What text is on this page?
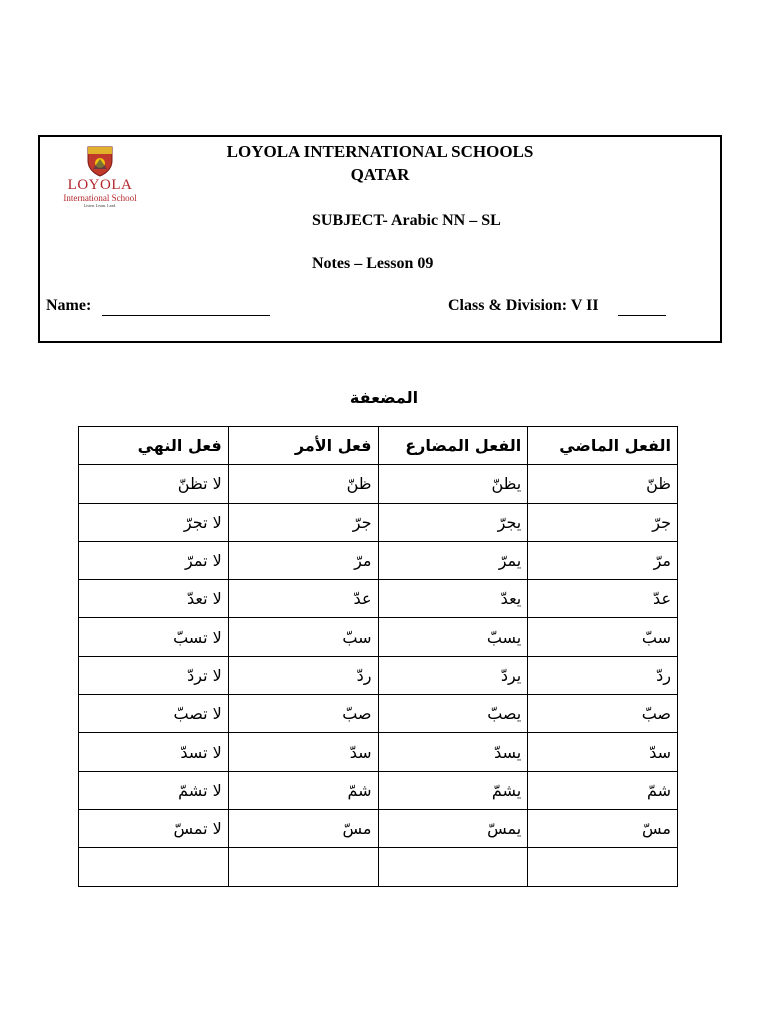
LOYOLA
International School
Listen. Learn. Lead.
LOYOLA INTERNATIONAL SCHOOLS
QATAR
SUBJECT- Arabic NN – SL
Notes – Lesson 09
Name:	Class & Division: V II
المضعفة
الفعل الماضي	الفعل المضارع	فعل الأمر	فعل النهي
ظنّ	يظنّ	ظنّ	لا تظنّ
جرّ	يجرّ	جرّ	لا تجرّ
مرّ	يمرّ	مرّ	لا تمرّ
عدّ	يعدّ	عدّ	لا تعدّ
سبّ	يسبّ	سبّ	لا تسبّ
ردّ	يردّ	ردّ	لا تردّ
صبّ	يصبّ	صبّ	لا تصبّ
سدّ	يسدّ	سدّ	لا تسدّ
شمّ	يشمّ	شمّ	لا تشمّ
مسّ	يمسّ	مسّ	لا تمسّ
